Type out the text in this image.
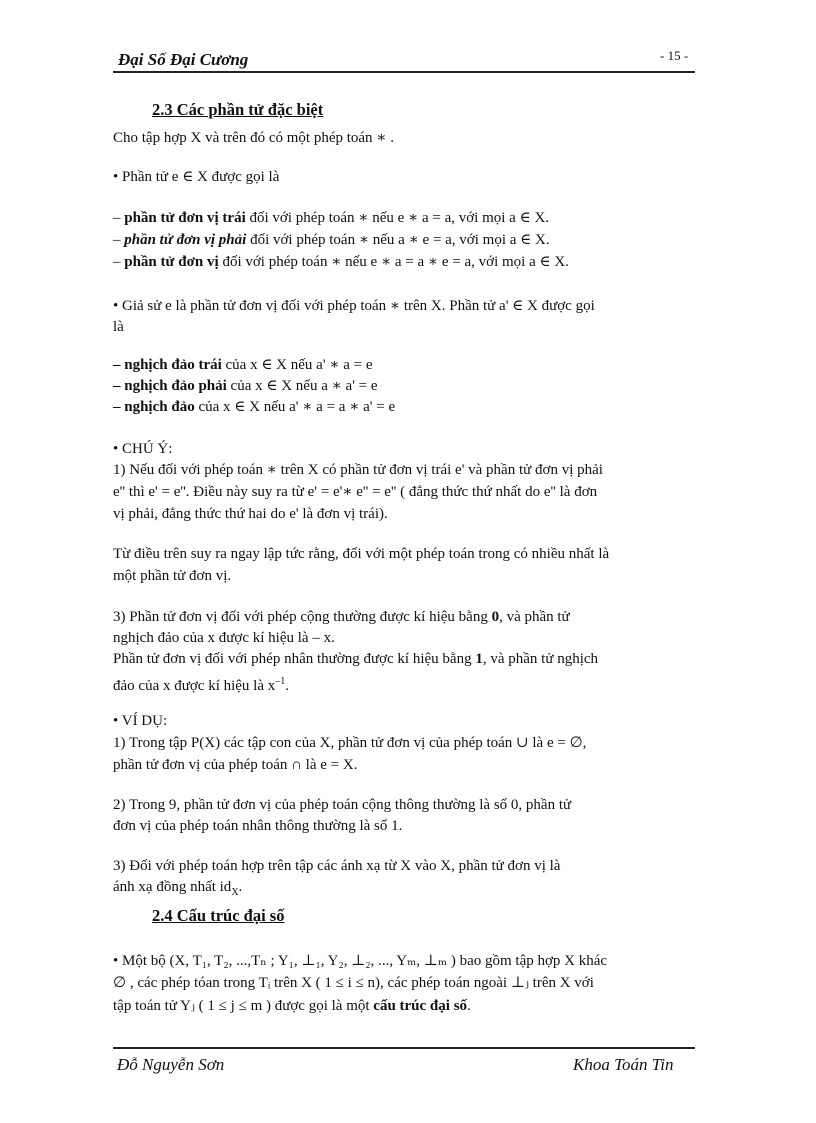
Đại Số Đại Cương	- 15 -
2.3 Các phần tử đặc biệt
Cho tập hợp X và trên đó có một phép toán ∗ .
• Phần tử e ∈ X được gọi là
– phần tử đơn vị trái đối với phép toán ∗ nếu e ∗ a = a, với mọi a ∈ X.
– phần tử đơn vị phải đối với phép toán ∗ nếu a ∗ e = a, với mọi a ∈ X.
– phần tử đơn vị đối với phép toán ∗ nếu e ∗ a = a ∗ e = a, với mọi a ∈ X.
• Giả sử e là phần tử đơn vị đối với phép toán ∗ trên X. Phần tử a' ∈ X được gọi
là
– nghịch đảo trái của x ∈ X nếu a' ∗ a = e
– nghịch đảo phải của x ∈ X nếu a ∗ a' = e
– nghịch đảo của x ∈ X nếu a' ∗ a = a ∗ a' = e
• CHÚ Ý:
1) Nếu đối với phép toán ∗ trên X có phần tử đơn vị trái e' và phần tử đơn vị phải
e'' thì e' = e''. Điều này suy ra từ e' = e'∗ e'' = e'' ( đẳng thức thứ nhất do e'' là đơn
vị phải, đẳng thức thứ hai do e' là đơn vị trái).
Từ điều trên suy ra ngay lập tức rằng, đối với một phép toán trong có nhiều nhất là
một phần tử đơn vị.
3) Phần tử đơn vị đối với phép cộng thường được kí hiệu bằng 0, và phần tử
nghịch đảo của x được kí hiệu là – x.
Phần tử đơn vị đối với phép nhân thường được kí hiệu bằng 1, và phần tử nghịch
đảo của x được kí hiệu là $x^{-1}$.
• VÍ DỤ:
1) Trong tập P(X) các tập con của X, phần tử đơn vị của phép toán ∪ là e = ∅,
phần tử đơn vị của phép toán ∩ là e = X.
2) Trong 9, phần tử đơn vị của phép toán cộng thông thường là số 0, phần tử
đơn vị của phép toán nhân thông thường là số 1.
3) Đối với phép toán hợp trên tập các ánh xạ từ X vào X, phần tử đơn vị là
ánh xạ đồng nhất $id_X$.
2.4 Cấu trúc đại số
• Một bộ (X, T₁, T₂, ...,Tₙ ; Y₁, ⊥₁, Y₂, ⊥₂, ..., Yₘ, ⊥ₘ ) bao gồm tập hợp X khác
∅ , các phép tóan trong Tᵢ trên X ( 1 ≤ i ≤ n), các phép toán ngoài ⊥ⱼ trên X với
tập toán tử Yⱼ ( 1 ≤ j ≤ m ) được gọi là một cấu trúc đại số.
Đỗ Nguyễn Sơn	Khoa Toán Tin
